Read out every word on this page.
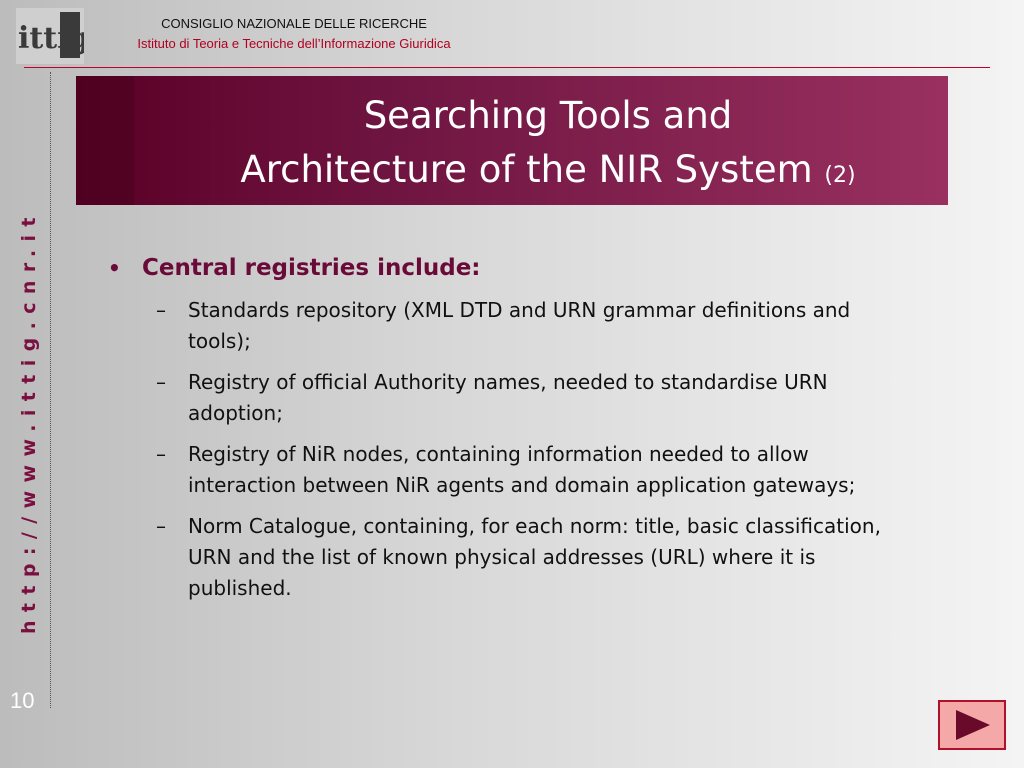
ittig	CONSIGLIO NAZIONALE DELLE RICERCHE
Istituto di Teoria e Tecniche dell’Informazione Giuridica
http://www.ittig.cnr.it
10
Searching Tools and
Architecture of the NIR System (2)
• Central registries include:
–	Standards repository (XML DTD and URN grammar definitions and tools);
–	Registry of official Authority names, needed to standardise URN adoption;
–	Registry of NiR nodes, containing information needed to allow interaction between NiR agents and domain application gateways;
–	Norm Catalogue, containing, for each norm: title, basic classification, URN and the list of known physical addresses (URL) where it is published.
